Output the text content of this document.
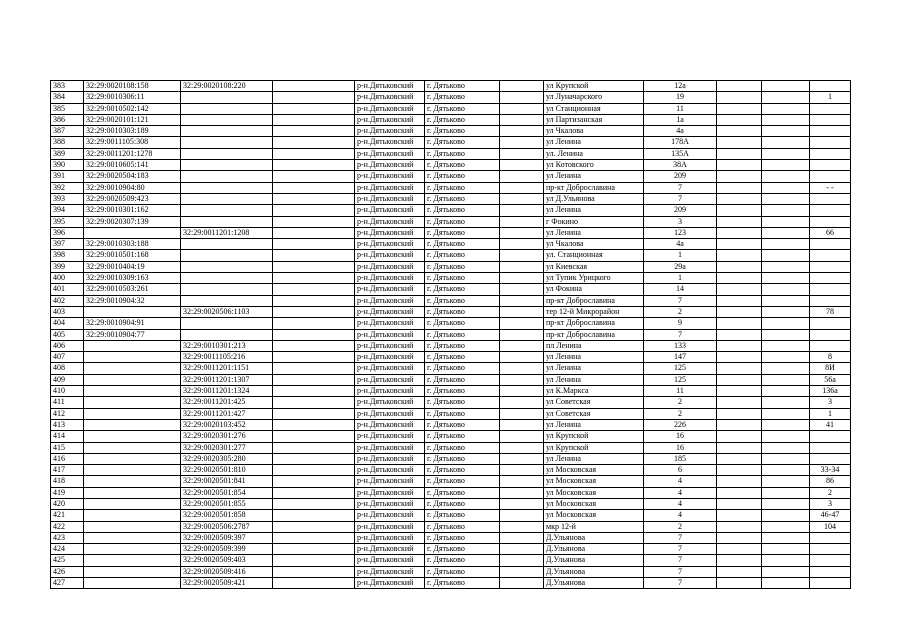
383	32:29:0020108:158	32:29:0020108:220		р-н.Дятьковский	г. Дятьково		ул Крупской	12а			
384	32:29:0010306:11			р-н.Дятьковский	г. Дятьково		ул Луначарского	19			1
385	32:29:0010502:142			р-н.Дятьковский	г. Дятьково		ул Станционная	11			
386	32:29:0020101:121			р-н.Дятьковский	г. Дятьково		ул Партизанская	1а			
387	32:29:0010303:189			р-н.Дятьковский	г. Дятьково		ул Чкалова	4а			
388	32:29:0011105:308			р-н.Дятьковский	г. Дятьково		ул Ленина	178А			
389	32:29:0011201:1278			р-н.Дятьковский	г. Дятьково		ул. Ленина	135А			
390	32:29:0010605:141			р-н.Дятьковский	г. Дятьково		ул Котовского	38А			
391	32:29:0020504:183			р-н.Дятьковский	г. Дятьково		ул Ленина	209			
392	32:29:0010904:80			р-н.Дятьковский	г. Дятьково		пр-кт Доброславина	7			- -
393	32:29:0020509:423			р-н.Дятьковский	г. Дятьково		ул Д.Ульянова	7			
394	32:29:0010301:162			р-н.Дятьковский	г. Дятьково		ул Ленина	209			
395	32:29:0020307:139			р-н.Дятьковский	г. Дятьково		г Фокино	3			
396		32:29:0011201:1208		р-н.Дятьковский	г. Дятьково		ул Ленина	123			66
397	32:29:0010303:188			р-н.Дятьковский	г. Дятьково		ул Чкалова	4а			
398	32:29:0010501:168			р-н.Дятьковский	г. Дятьково		ул. Станционная	1			
399	32:29:0010404:19			р-н.Дятьковский	г. Дятьково		ул Киевская	29а			
400	32:29:0010309:163			р-н.Дятьковский	г. Дятьково		ул Тупик Урицкого	1			
401	32:29:0010503:261			р-н.Дятьковский	г. Дятьково		ул Фокина	14			
402	32:29:0010904:32			р-н.Дятьковский	г. Дятьково		пр-кт Доброславина	7			
403		32:29:0020506:1103		р-н.Дятьковский	г. Дятьково		тер 12-й Микрорайон	2			78
404	32:29:0010904:91			р-н.Дятьковский	г. Дятьково		пр-кт Доброславина	9			
405	32:29:0010904:77			р-н.Дятьковский	г. Дятьково		пр-кт Доброславина	7			
406		32:29:0010301:213		р-н.Дятьковский	г. Дятьково		пл Ленина	133			
407		32:29:0011105:216		р-н.Дятьковский	г. Дятьково		ул Ленина	147			8
408		32:29:0011201:1151		р-н.Дятьковский	г. Дятьково		ул Ленина	125			8И
409		32:29:0011201:1307		р-н.Дятьковский	г. Дятьково		ул Ленина	125			56а
410		32:29:0011201:1324		р-н.Дятьковский	г. Дятьково		ул К.Маркса	11			136а
411		32:29:0011201:425		р-н.Дятьковский	г. Дятьково		ул Советская	2			3
412		32:29:0011201:427		р-н.Дятьковский	г. Дятьково		ул Советская	2			1
413		32:29:0020103:452		р-н.Дятьковский	г. Дятьково		ул Ленина	226			41
414		32:29:0020301:276		р-н.Дятьковский	г. Дятьково		ул Крупской	16			
415		32:29:0020301:277		р-н.Дятьковский	г. Дятьково		ул Крупской	16			
416		32:29:0020305:280		р-н.Дятьковский	г. Дятьково		ул Ленина	185			
417		32:29:0020501:810		р-н.Дятьковский	г. Дятьково		ул Московская	6			33-34
418		32:29:0020501:841		р-н.Дятьковский	г. Дятьково		ул Московская	4			86
419		32:29:0020501:854		р-н.Дятьковский	г. Дятьково		ул Московская	4			2
420		32:29:0020501:855		р-н.Дятьковский	г. Дятьково		ул Московская	4			3
421		32:29:0020501:858		р-н.Дятьковский	г. Дятьково		ул Московская	4			46-47
422		32:29:0020506:2787		р-н.Дятьковский	г. Дятьково		мкр 12-й	2			104
423		32:29:0020509:397		р-н.Дятьковский	г. Дятьково		Д.Ульянова	7			
424		32:29:0020509:399		р-н.Дятьковский	г. Дятьково		Д.Ульянова	7			
425		32:29:0020509:403		р-н.Дятьковский	г. Дятьково		Д.Ульянова	7			
426		32:29:0020509:416		р-н.Дятьковский	г. Дятьково		Д.Ульянова	7			
427		32:29:0020509:421		р-н.Дятьковский	г. Дятьково		Д.Ульянова	7			
